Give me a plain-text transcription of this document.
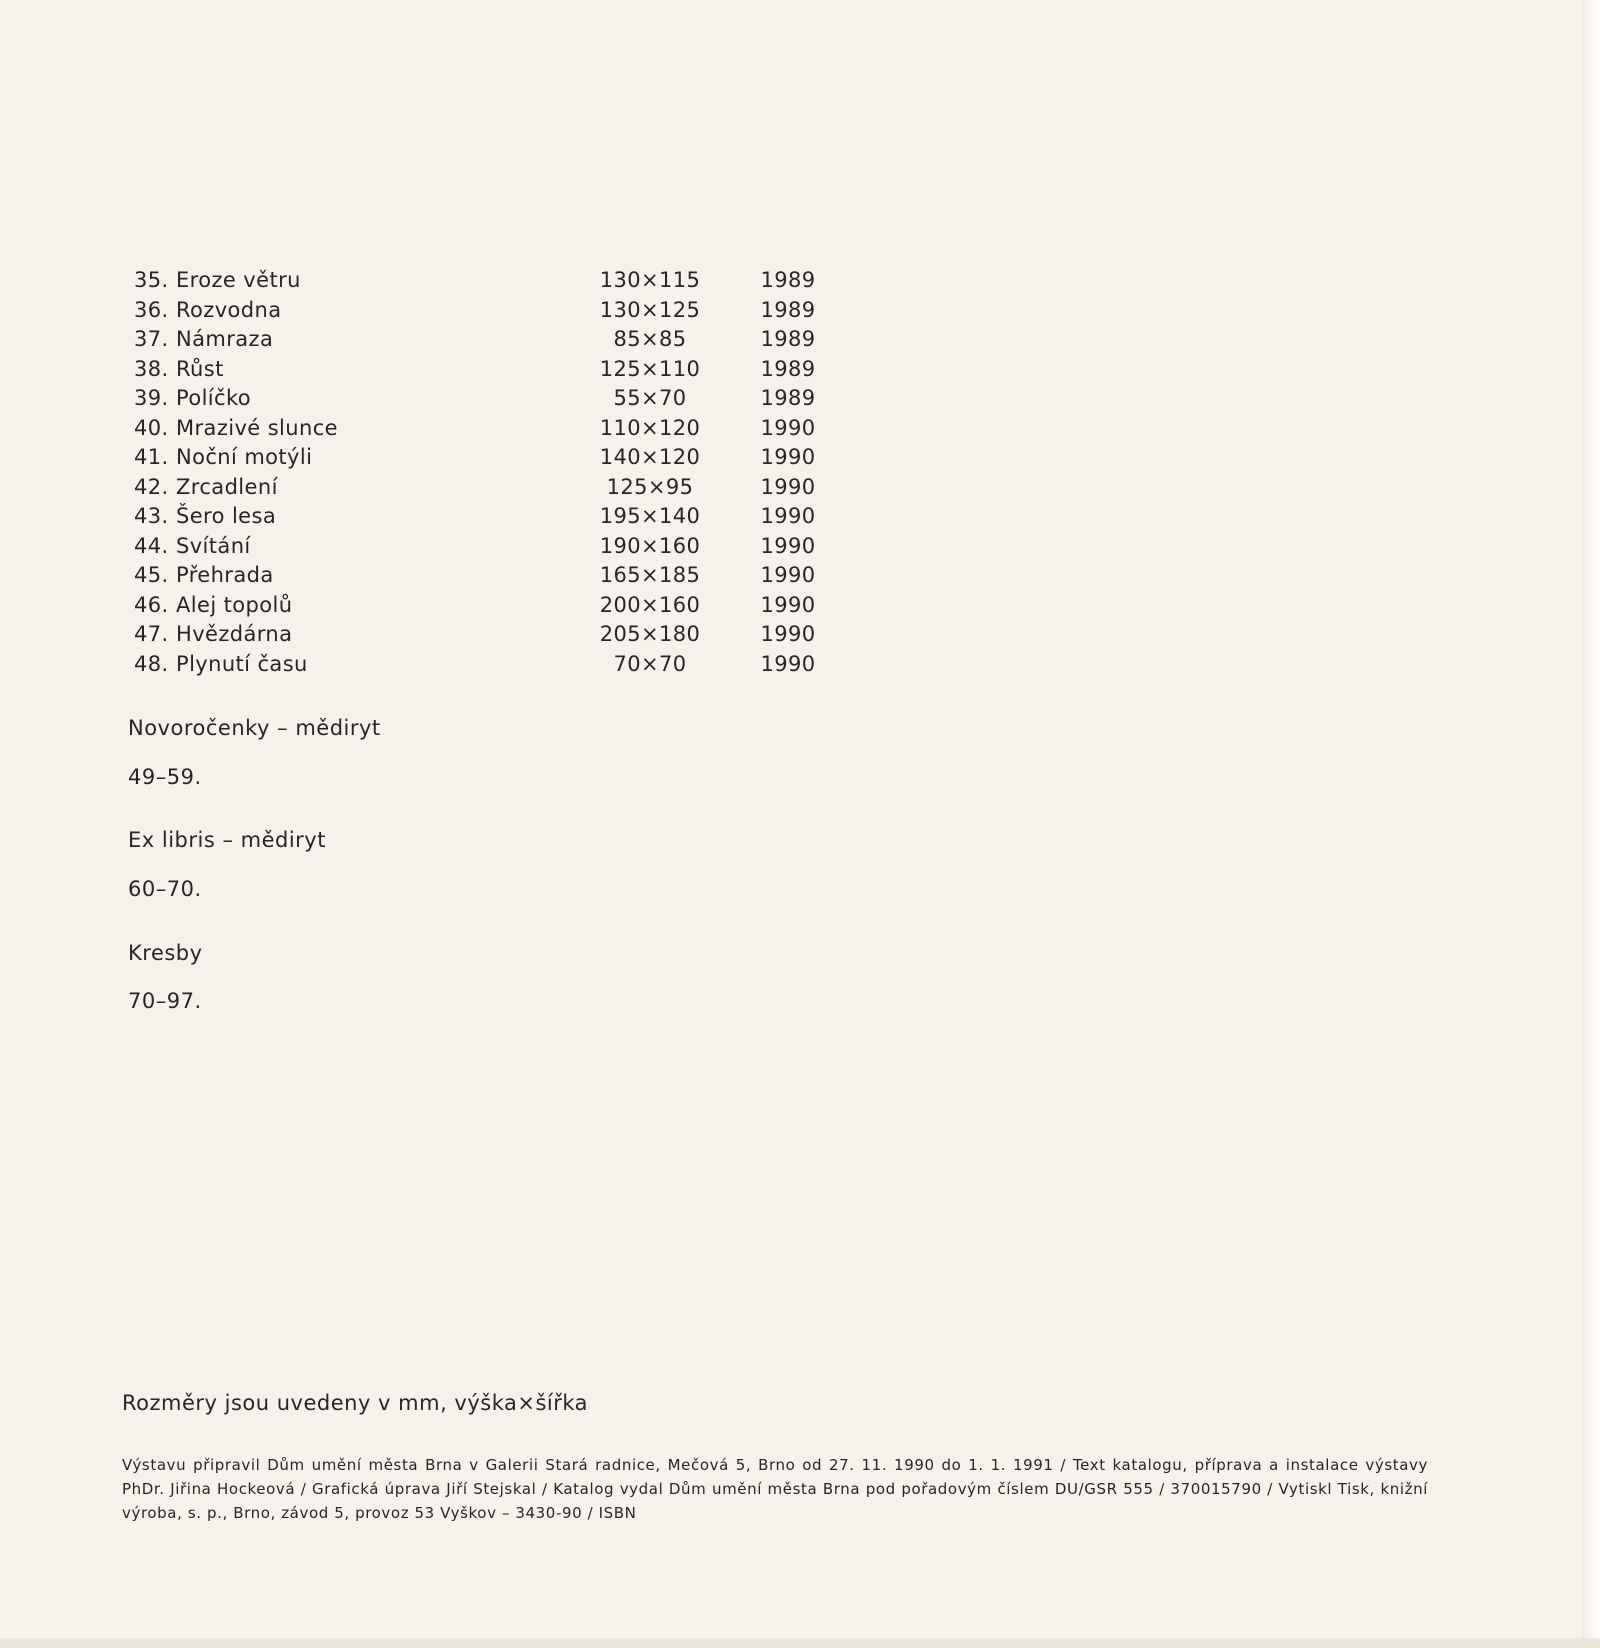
35. Eroze větru	130×115	1989
36. Rozvodna	130×125	1989
37. Námraza	85×85	1989
38. Růst	125×110	1989
39. Políčko	55×70	1989
40. Mrazivé slunce	110×120	1990
41. Noční motýli	140×120	1990
42. Zrcadlení	125×95	1990
43. Šero lesa	195×140	1990
44. Svítání	190×160	1990
45. Přehrada	165×185	1990
46. Alej topolů	200×160	1990
47. Hvězdárna	205×180	1990
48. Plynutí času	70×70	1990
Novoročenky – mědiryt
49–59.
Ex libris – mědiryt
60–70.
Kresby
70–97.
Rozměry jsou uvedeny v mm, výška×šířka
Výstavu připravil Dům umění města Brna v Galerii Stará radnice, Mečová 5, Brno od 27. 11. 1990 do 1. 1. 1991 / Text katalogu, příprava a instalace výstavy PhDr. Jiřina Hockeová / Grafická úprava Jiří Stejskal / Katalog vydal Dům umění města Brna pod pořadovým číslem DU/GSR 555 / 370015790 / Vytiskl Tisk, knižní výroba, s. p., Brno, závod 5, provoz 53 Vyškov – 3430-90 / ISBN
